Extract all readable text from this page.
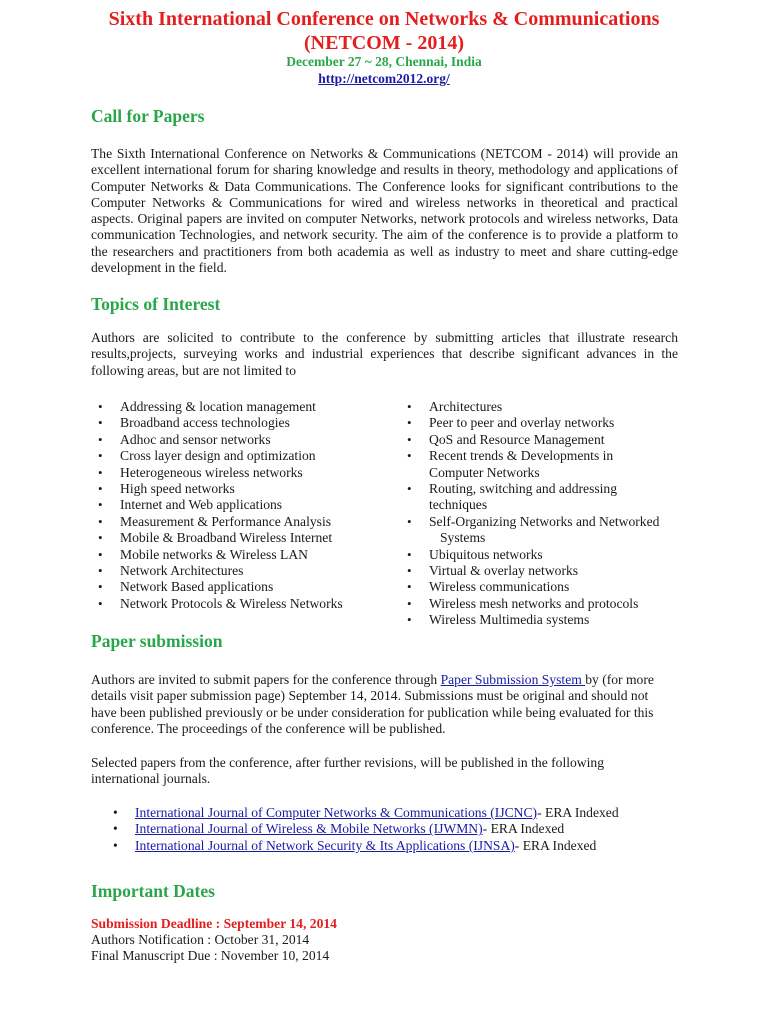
Sixth International Conference on Networks & Communications
(NETCOM - 2014)
December 27 ~ 28, Chennai, India
http://netcom2012.org/
Call for Papers

The Sixth International Conference on Networks & Communications (NETCOM - 2014) will provide an excellent international forum for sharing knowledge and results in theory, methodology and applications of Computer Networks & Data Communications. The Conference looks for significant contributions to the Computer Networks & Communications for wired and wireless networks in theoretical and practical aspects. Original papers are invited on computer Networks, network protocols and wireless networks, Data communication Technologies, and network security. The aim of the conference is to provide a platform to the researchers and practitioners from both academia as well as industry to meet and share cutting-edge development in the field.

Topics of Interest

Authors are solicited to contribute to the conference by submitting articles that illustrate research results,projects, surveying works and industrial experiences that describe significant advances in the following areas, but are not limited to

• Addressing & location management
• Broadband access technologies
• Adhoc and sensor networks
• Cross layer design and optimization
• Heterogeneous wireless networks
• High speed networks
• Internet and Web applications
• Measurement & Performance Analysis
• Mobile & Broadband Wireless Internet
• Mobile networks & Wireless LAN
• Network Architectures
• Network Based applications
• Network Protocols & Wireless Networks
• Architectures
• Peer to peer and overlay networks
• QoS and Resource Management
• Recent trends & Developments in
Computer Networks
• Routing, switching and addressing
techniques
• Self-Organizing Networks and Networked
Systems
• Ubiquitous networks
• Virtual & overlay networks
• Wireless communications
• Wireless mesh networks and protocols
• Wireless Multimedia systems
Paper submission

Authors are invited to submit papers for the conference through Paper Submission System by (for more details visit paper submission page) September 14, 2014. Submissions must be original and should not have been published previously or be under consideration for publication while being evaluated for this conference. The proceedings of the conference will be published.

Selected papers from the conference, after further revisions, will be published in the following international journals.

• International Journal of Computer Networks & Communications (IJCNC)- ERA Indexed
• International Journal of Wireless & Mobile Networks (IJWMN)- ERA Indexed
• International Journal of Network Security & Its Applications (IJNSA)- ERA Indexed
Important Dates
Submission Deadline : September 14, 2014
Authors Notification : October 31, 2014
Final Manuscript Due : November 10, 2014
